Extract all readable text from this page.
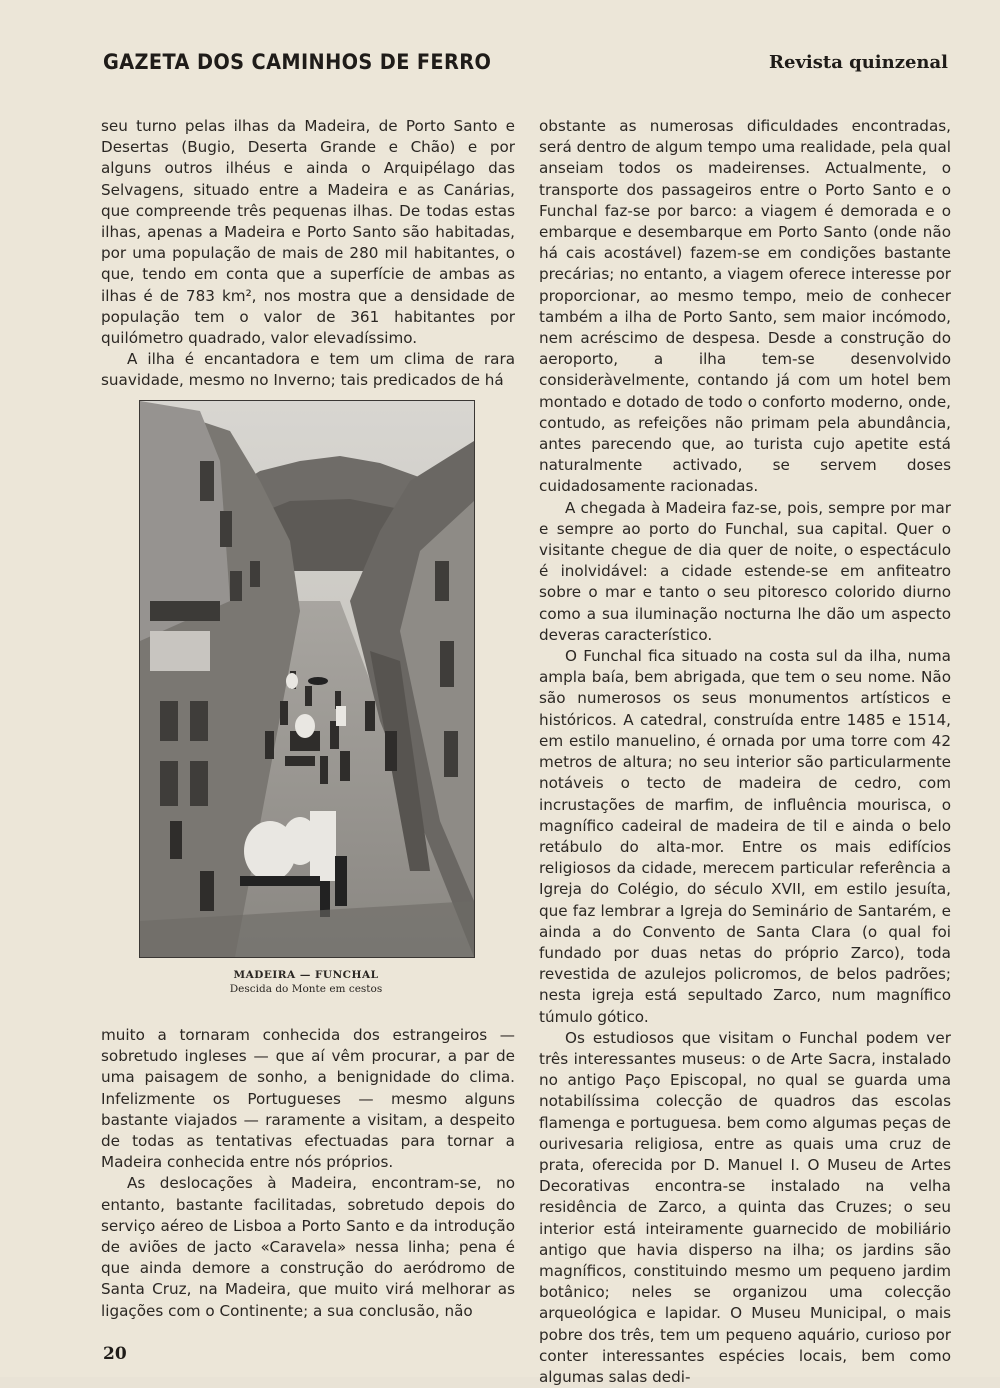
GAZETA DOS CAMINHOS DE FERRO	Revista quinzenal

seu turno pelas ilhas da Madeira, de Porto Santo e Desertas (Bugio, Deserta Grande e Chão) e por alguns outros ilhéus e ainda o Arquipélago das Selvagens, situado entre a Madeira e as Canárias, que compreende três pequenas ilhas. De todas estas ilhas, apenas a Madeira e Porto Santo são habitadas, por uma população de mais de 280 mil habitantes, o que, tendo em conta que a superfície de ambas as ilhas é de 783 km², nos mostra que a densidade de população tem o valor de 361 habitantes por quilómetro quadrado, valor elevadíssimo.

A ilha é encantadora e tem um clima de rara suavidade, mesmo no Inverno; tais predicados de há

MADEIRA — FUNCHAL
Descida do Monte em cestos

muito a tornaram conhecida dos estrangeiros — sobretudo ingleses — que aí vêm procurar, a par de uma paisagem de sonho, a benignidade do clima. Infelizmente os Portugueses — mesmo alguns bastante viajados — raramente a visitam, a despeito de todas as tentativas efectuadas para tornar a Madeira conhecida entre nós próprios.

As deslocações à Madeira, encontram-se, no entanto, bastante facilitadas, sobretudo depois do serviço aéreo de Lisboa a Porto Santo e da introdução de aviões de jacto «Caravela» nessa linha; pena é que ainda demore a construção do aeródromo de Santa Cruz, na Madeira, que muito virá melhorar as ligações com o Continente; a sua conclusão, não

obstante as numerosas dificuldades encontradas, será dentro de algum tempo uma realidade, pela qual anseiam todos os madeirenses. Actualmente, o transporte dos passageiros entre o Porto Santo e o Funchal faz-se por barco: a viagem é demorada e o embarque e desembarque em Porto Santo (onde não há cais acostável) fazem-se em condições bastante precárias; no entanto, a viagem oferece interesse por proporcionar, ao mesmo tempo, meio de conhecer também a ilha de Porto Santo, sem maior incómodo, nem acréscimo de despesa. Desde a construção do aeroporto, a ilha tem-se desenvolvido consideràvelmente, contando já com um hotel bem montado e dotado de todo o conforto moderno, onde, contudo, as refeições não primam pela abundância, antes parecendo que, ao turista cujo apetite está naturalmente activado, se servem doses cuidadosamente racionadas.

A chegada à Madeira faz-se, pois, sempre por mar e sempre ao porto do Funchal, sua capital. Quer o visitante chegue de dia quer de noite, o espectáculo é inolvidável: a cidade estende-se em anfiteatro sobre o mar e tanto o seu pitoresco colorido diurno como a sua iluminação nocturna lhe dão um aspecto deveras característico.

O Funchal fica situado na costa sul da ilha, numa ampla baía, bem abrigada, que tem o seu nome. Não são numerosos os seus monumentos artísticos e históricos. A catedral, construída entre 1485 e 1514, em estilo manuelino, é ornada por uma torre com 42 metros de altura; no seu interior são particularmente notáveis o tecto de madeira de cedro, com incrustações de marfim, de influência mourisca, o magnífico cadeiral de madeira de til e ainda o belo retábulo do alta-mor. Entre os mais edifícios religiosos da cidade, merecem particular referência a Igreja do Colégio, do século XVII, em estilo jesuíta, que faz lembrar a Igreja do Seminário de Santarém, e ainda a do Convento de Santa Clara (o qual foi fundado por duas netas do próprio Zarco), toda revestida de azulejos policromos, de belos padrões; nesta igreja está sepultado Zarco, num magnífico túmulo gótico.

Os estudiosos que visitam o Funchal podem ver três interessantes museus: o de Arte Sacra, instalado no antigo Paço Episcopal, no qual se guarda uma notabilíssima colecção de quadros das escolas flamenga e portuguesa. bem como algumas peças de ourivesaria religiosa, entre as quais uma cruz de prata, oferecida por D. Manuel I. O Museu de Artes Decorativas encontra-se instalado na velha residência de Zarco, a quinta das Cruzes; o seu interior está inteiramente guarnecido de mobiliário antigo que havia disperso na ilha; os jardins são magníficos, constituindo mesmo um pequeno jardim botânico; neles se organizou uma colecção arqueológica e lapidar. O Museu Municipal, o mais pobre dos três, tem um pequeno aquário, curioso por conter interessantes espécies locais, bem como algumas salas dedi-

20
